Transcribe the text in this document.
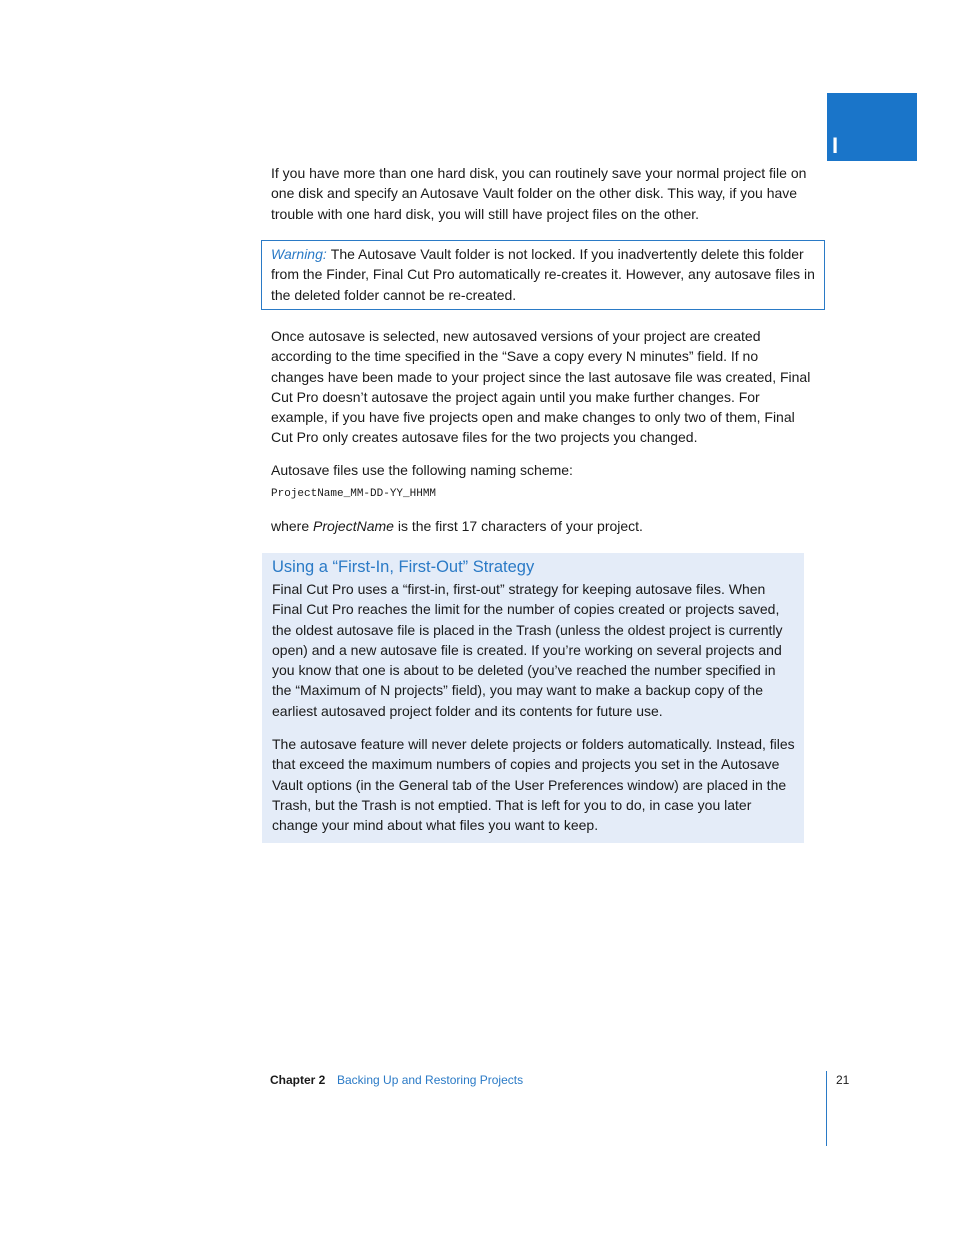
I

If you have more than one hard disk, you can routinely save your normal project file on one disk and specify an Autosave Vault folder on the other disk. This way, if you have trouble with one hard disk, you will still have project files on the other.

Warning: The Autosave Vault folder is not locked. If you inadvertently delete this folder from the Finder, Final Cut Pro automatically re-creates it. However, any autosave files in the deleted folder cannot be re-created.

Once autosave is selected, new autosaved versions of your project are created according to the time specified in the “Save a copy every N minutes” field. If no changes have been made to your project since the last autosave file was created, Final Cut Pro doesn’t autosave the project again until you make further changes. For example, if you have five projects open and make changes to only two of them, Final Cut Pro only creates autosave files for the two projects you changed.

Autosave files use the following naming scheme:

ProjectName_MM-DD-YY_HHMM

where ProjectName is the first 17 characters of your project.

Using a “First-In, First-Out” Strategy

Final Cut Pro uses a “first-in, first-out” strategy for keeping autosave files. When Final Cut Pro reaches the limit for the number of copies created or projects saved, the oldest autosave file is placed in the Trash (unless the oldest project is currently open) and a new autosave file is created. If you’re working on several projects and you know that one is about to be deleted (you’ve reached the number specified in the “Maximum of N projects” field), you may want to make a backup copy of the earliest autosaved project folder and its contents for future use.

The autosave feature will never delete projects or folders automatically. Instead, files that exceed the maximum numbers of copies and projects you set in the Autosave Vault options (in the General tab of the User Preferences window) are placed in the Trash, but the Trash is not emptied. That is left for you to do, in case you later change your mind about what files you want to keep.

Chapter 2 Backing Up and Restoring Projects	21
